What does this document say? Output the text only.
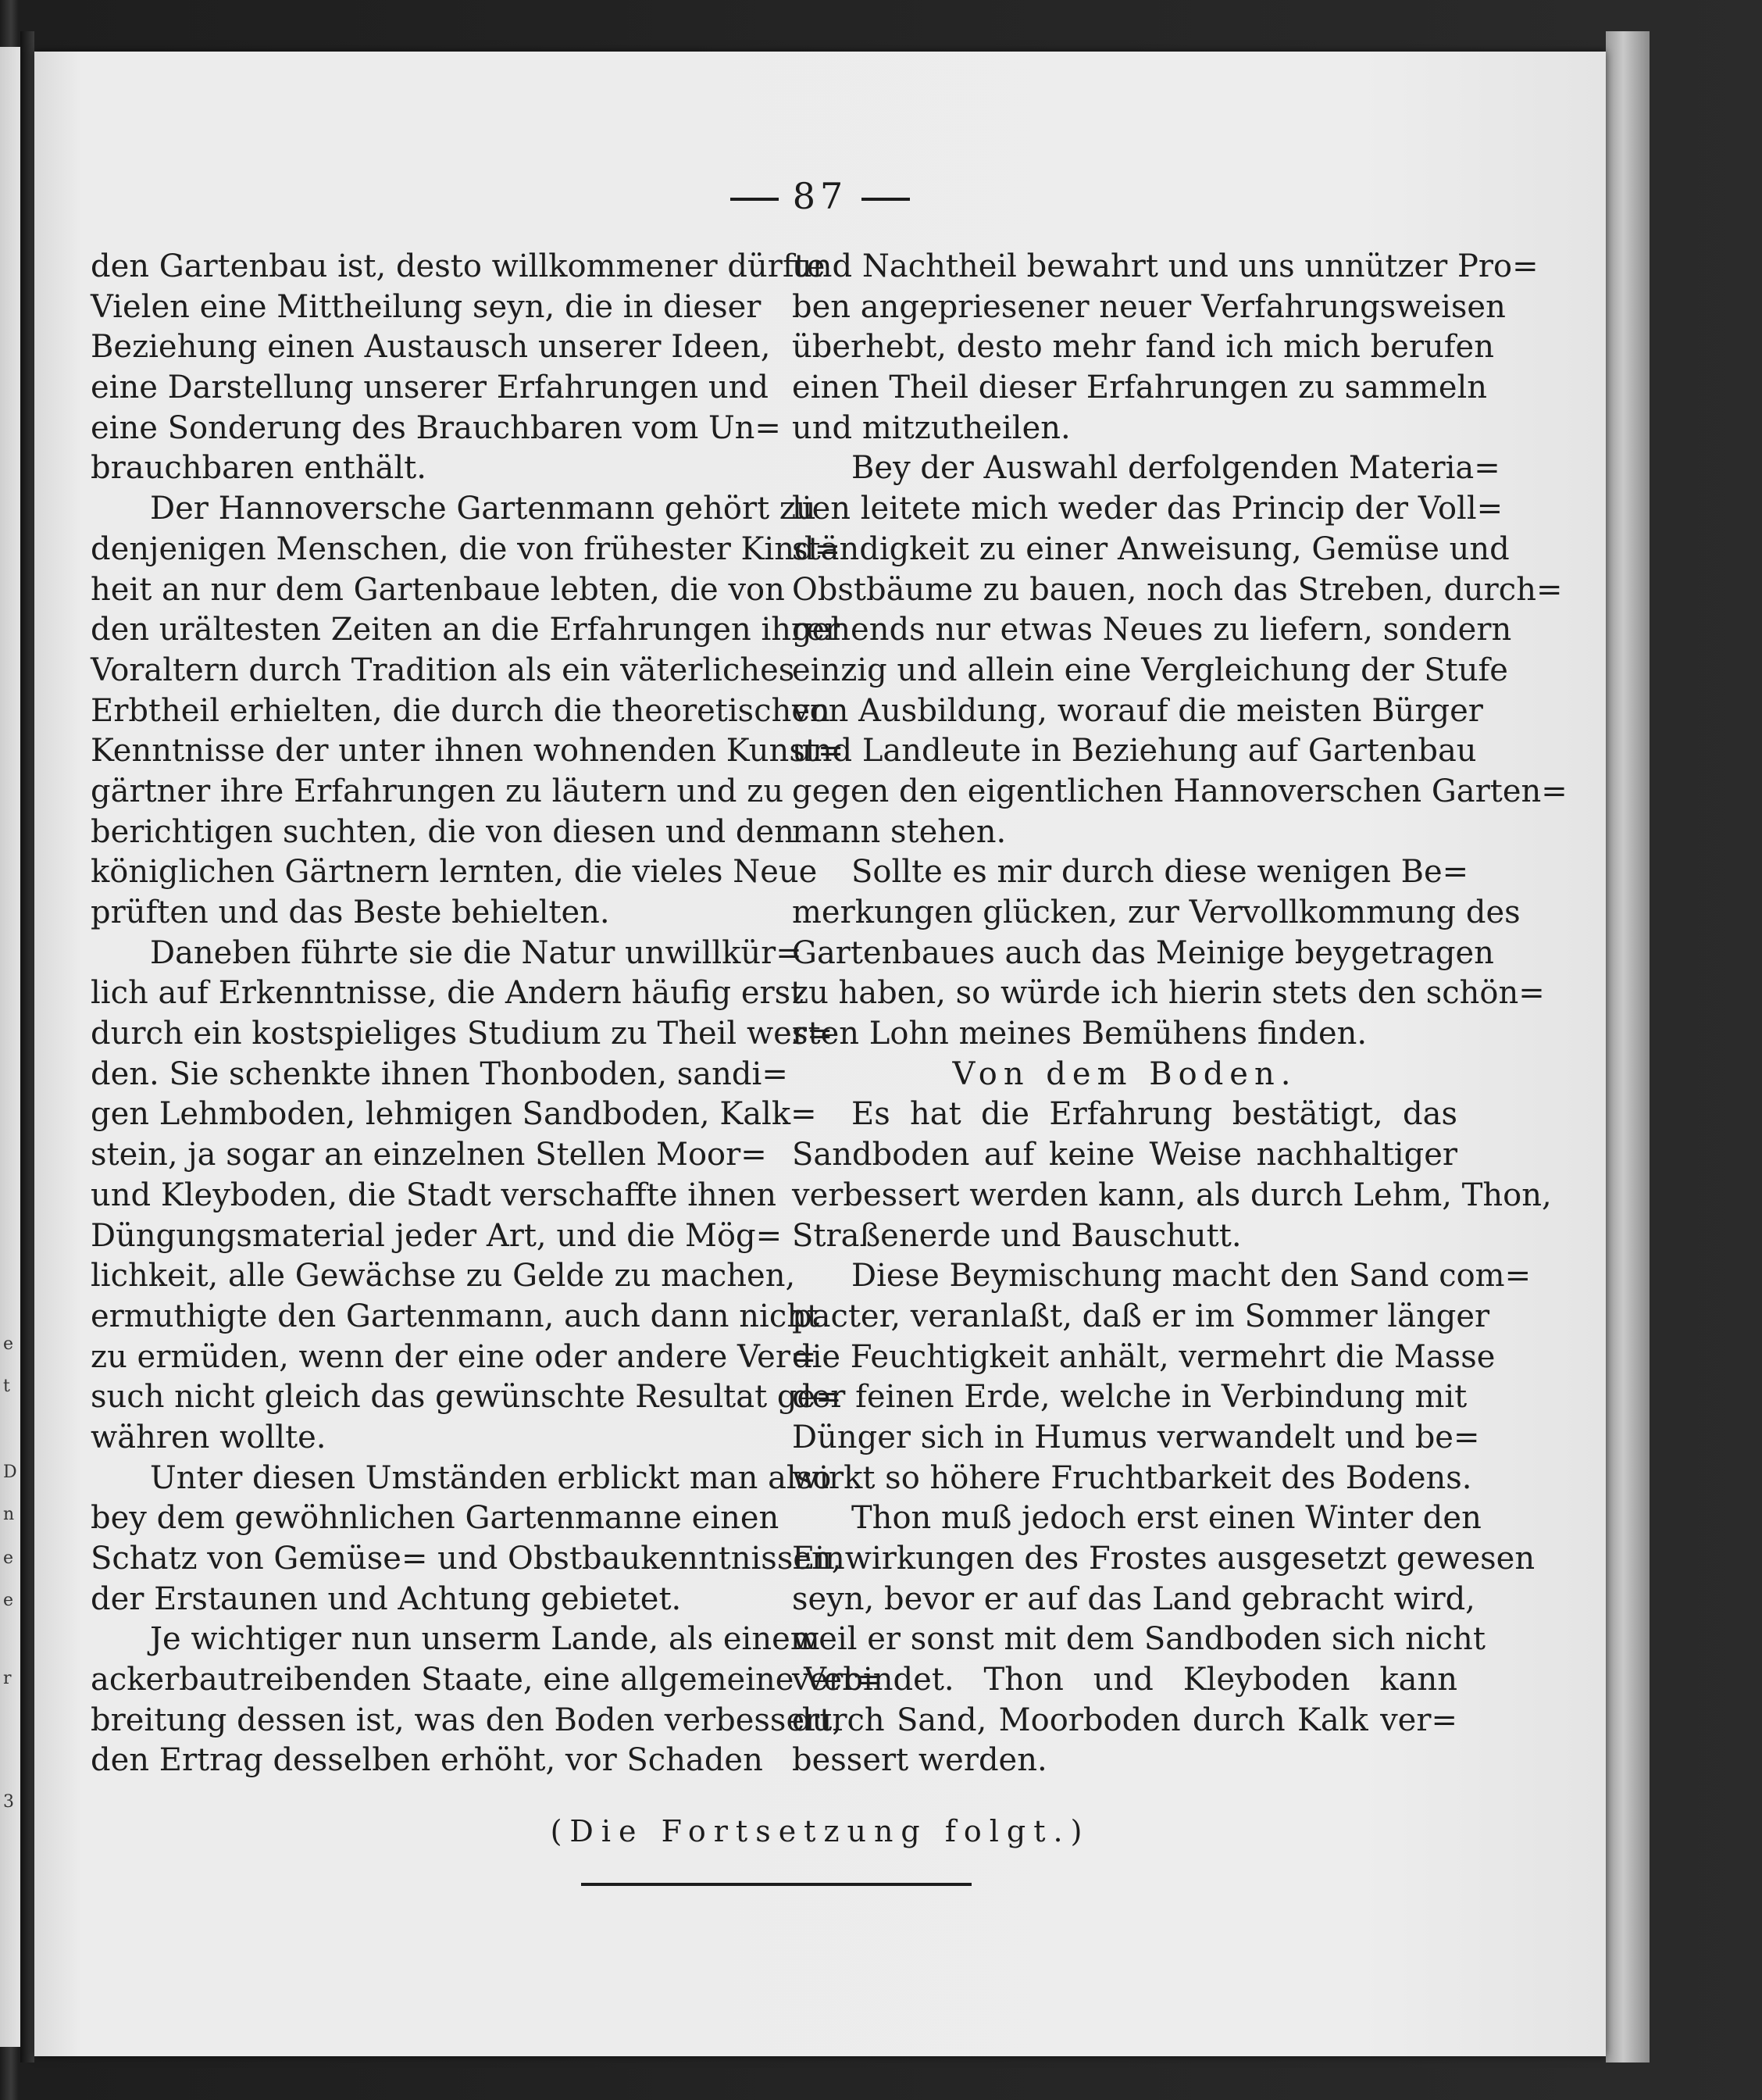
e
t
D
n
e
e
r
3
87
den Gartenbau ist, desto willkommener dürfte
Vielen eine Mittheilung seyn, die in dieser
Beziehung einen Austausch unserer Ideen,
eine Darstellung unserer Erfahrungen und
eine Sonderung des Brauchbaren vom Un=
brauchbaren enthält.
Der Hannoversche Gartenmann gehört zu
denjenigen Menschen, die von frühester Kind=
heit an nur dem Gartenbaue lebten, die von
den urältesten Zeiten an die Erfahrungen ihrer
Voraltern durch Tradition als ein väterliches
Erbtheil erhielten, die durch die theoretischen
Kenntnisse der unter ihnen wohnenden Kunst=
gärtner ihre Erfahrungen zu läutern und zu
berichtigen suchten, die von diesen und den
königlichen Gärtnern lernten, die vieles Neue
prüften und das Beste behielten.
Daneben führte sie die Natur unwillkür=
lich auf Erkenntnisse, die Andern häufig erst
durch ein kostspieliges Studium zu Theil wer=
den. Sie schenkte ihnen Thonboden, sandi=
gen Lehmboden, lehmigen Sandboden, Kalk=
stein, ja sogar an einzelnen Stellen Moor=
und Kleyboden, die Stadt verschaffte ihnen
Düngungsmaterial jeder Art, und die Mög=
lichkeit, alle Gewächse zu Gelde zu machen,
ermuthigte den Gartenmann, auch dann nicht
zu ermüden, wenn der eine oder andere Ver=
such nicht gleich das gewünschte Resultat ge=
währen wollte.
Unter diesen Umständen erblickt man also
bey dem gewöhnlichen Gartenmanne einen
Schatz von Gemüse= und Obstbaukenntnissen,
der Erstaunen und Achtung gebietet.
Je wichtiger nun unserm Lande, als einem
ackerbautreibenden Staate, eine allgemeine Ver=
breitung dessen ist, was den Boden verbessert,
den Ertrag desselben erhöht, vor Schaden
und Nachtheil bewahrt und uns unnützer Pro=
ben angepriesener neuer Verfahrungsweisen
überhebt, desto mehr fand ich mich berufen
einen Theil dieser Erfahrungen zu sammeln
und mitzutheilen.
Bey der Auswahl derfolgenden Materia=
lien leitete mich weder das Princip der Voll=
ständigkeit zu einer Anweisung, Gemüse und
Obstbäume zu bauen, noch das Streben, durch=
gehends nur etwas Neues zu liefern, sondern
einzig und allein eine Vergleichung der Stufe
von Ausbildung, worauf die meisten Bürger
und Landleute in Beziehung auf Gartenbau
gegen den eigentlichen Hannoverschen Garten=
mann stehen.
Sollte es mir durch diese wenigen Be=
merkungen glücken, zur Vervollkommung des
Gartenbaues auch das Meinige beygetragen
zu haben, so würde ich hierin stets den schön=
sten Lohn meines Bemühens finden.
Von dem Boden.
Es hat die Erfahrung bestätigt, das
Sandboden auf keine Weise nachhaltiger
verbessert werden kann, als durch Lehm, Thon,
Straßenerde und Bauschutt.
Diese Beymischung macht den Sand com=
pacter, veranlaßt, daß er im Sommer länger
die Feuchtigkeit anhält, vermehrt die Masse
der feinen Erde, welche in Verbindung mit
Dünger sich in Humus verwandelt und be=
wirkt so höhere Fruchtbarkeit des Bodens.
Thon muß jedoch erst einen Winter den
Einwirkungen des Frostes ausgesetzt gewesen
seyn, bevor er auf das Land gebracht wird,
weil er sonst mit dem Sandboden sich nicht
verbindet. Thon und Kleyboden kann
durch Sand, Moorboden durch Kalk ver=
bessert werden.
(Die Fortsetzung folgt.)
